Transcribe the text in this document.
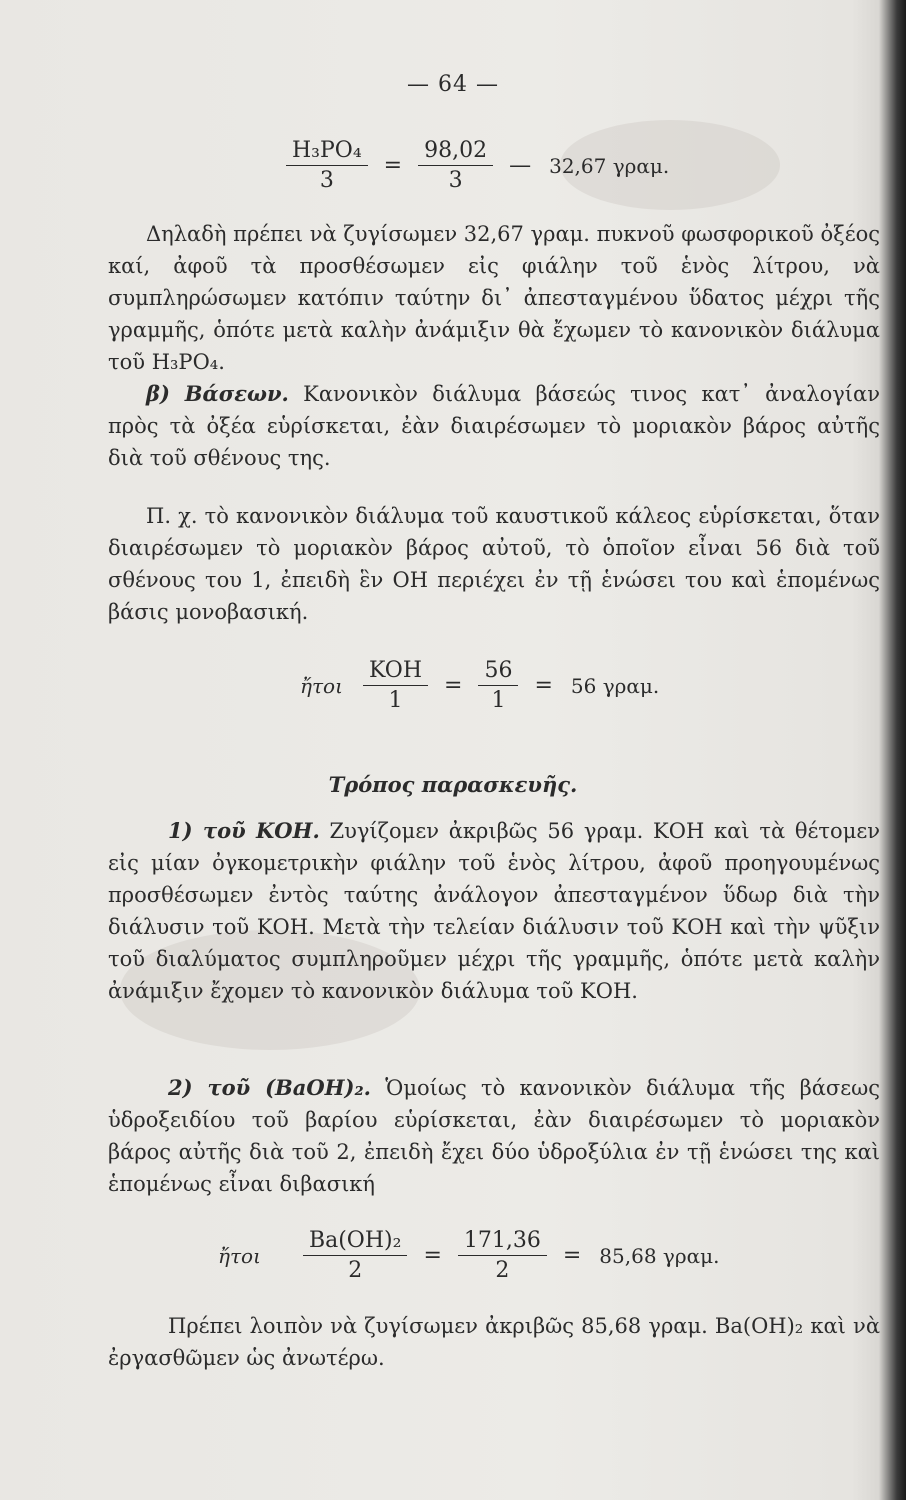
— 64 —
$\frac{\text{H₃PO₄}}{3} = \frac{98,02}{3}$ — 32,67 γραμ.

Δηλαδὴ πρέπει νὰ ζυγίσωμεν 32,67 γραμ. πυκνοῦ φωσφορικοῦ ὀξέος καί, ἀφοῦ τὰ προσθέσωμεν εἰς φιάλην τοῦ ἑνὸς λίτρου, νὰ συμπληρώσωμεν κατόπιν ταύτην δι᾽ ἀπεσταγμένου ὕδατος μέχρι τῆς γραμμῆς, ὁπότε μετὰ καλὴν ἀνάμιξιν θὰ ἔχωμεν τὸ κανονικὸν διάλυμα τοῦ H₃PO₄.

β) Βάσεων. Κανονικὸν διάλυμα βάσεώς τινος κατ᾽ ἀναλογίαν πρὸς τὰ ὀξέα εὑρίσκεται, ἐὰν διαιρέσωμεν τὸ μοριακὸν βάρος αὐτῆς διὰ τοῦ σθένους της.

Π. χ. τὸ κανονικὸν διάλυμα τοῦ καυστικοῦ κάλεος εὑρίσκεται, ὅταν διαιρέσωμεν τὸ μοριακὸν βάρος αὐτοῦ, τὸ ὁποῖον εἶναι 56 διὰ τοῦ σθένους του 1, ἐπειδὴ ἓν ΟΗ περιέχει ἐν τῇ ἑνώσει του καὶ ἑπομένως βάσις μονοβασική.

ἤτοι $\frac{\text{KOH}}{1} = \frac{56}{1} = 56$ γραμ.
Τρόπος παρασκευῆς.

1) τοῦ ΚΟΗ. Ζυγίζομεν ἀκριβῶς 56 γραμ. ΚΟΗ καὶ τὰ θέτομεν εἰς μίαν ὀγκομετρικὴν φιάλην τοῦ ἑνὸς λίτρου, ἀφοῦ προηγουμένως προσθέσωμεν ἐντὸς ταύτης ἀνάλογον ἀπεσταγμένον ὕδωρ διὰ τὴν διάλυσιν τοῦ ΚΟΗ. Μετὰ τὴν τελείαν διάλυσιν τοῦ ΚΟΗ καὶ τὴν ψῦξιν τοῦ διαλύματος συμπληροῦμεν μέχρι τῆς γραμμῆς, ὁπότε μετὰ καλὴν ἀνάμιξιν ἔχομεν τὸ κανονικὸν διάλυμα τοῦ ΚΟΗ.

2) τοῦ (BaOH)₂. Ὁμοίως τὸ κανονικὸν διάλυμα τῆς βάσεως ὑδροξειδίου τοῦ βαρίου εὑρίσκεται, ἐὰν διαιρέσωμεν τὸ μοριακὸν βάρος αὐτῆς διὰ τοῦ 2, ἐπειδὴ ἔχει δύο ὑδροξύλια ἐν τῇ ἑνώσει της καὶ ἑπομένως εἶναι διβασική

ἤτοι $\frac{\text{Ba(OH)₂}}{2} = \frac{171,36}{2} = 85,68$ γραμ.

Πρέπει λοιπὸν νὰ ζυγίσωμεν ἀκριβῶς 85,68 γραμ. Ba(OH)₂ καὶ νὰ ἐργασθῶμεν ὡς ἀνωτέρω.
